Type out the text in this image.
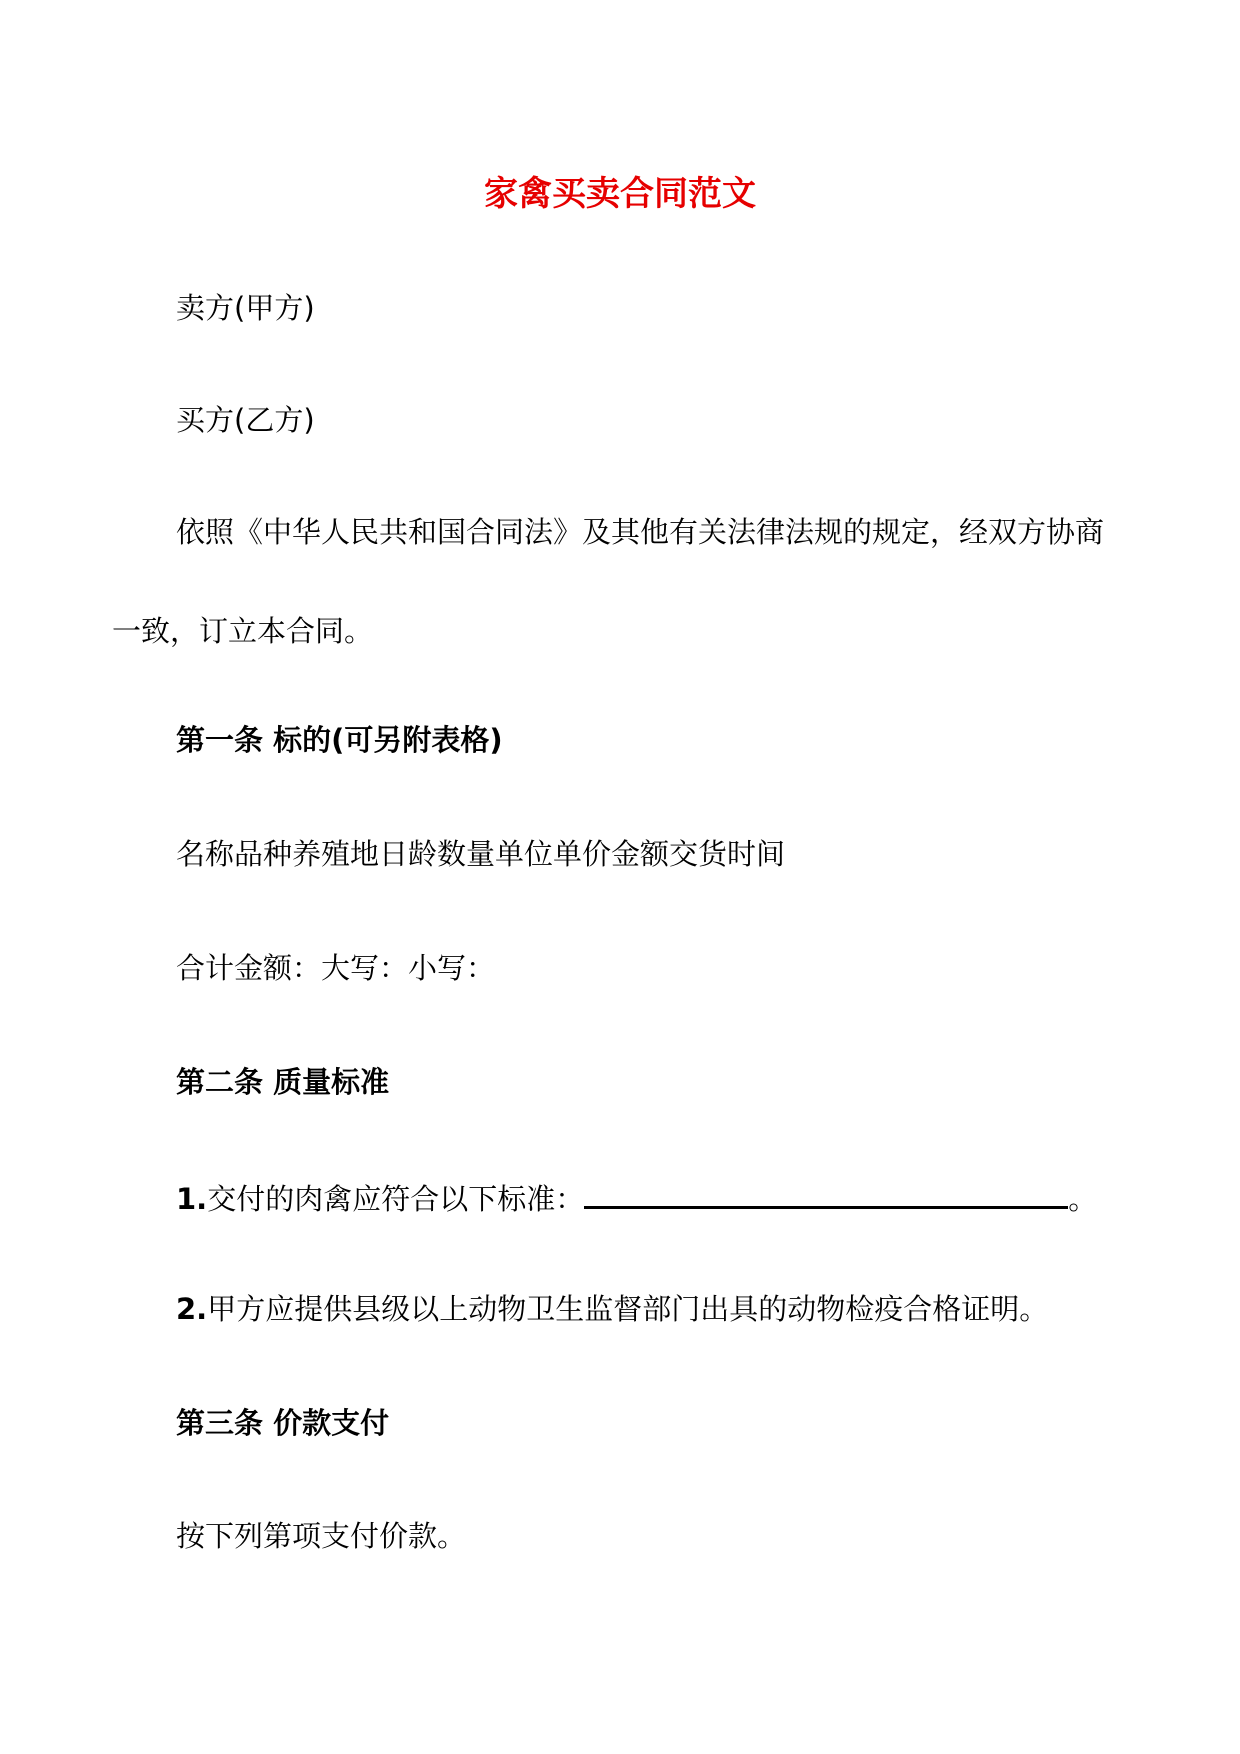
家禽买卖合同范文
卖方(甲方)
买方(乙方)
依照《中华人民共和国合同法》及其他有关法律法规的规定，经双方协商
一致，订立本合同。
第一条 标的(可另附表格)
名称品种养殖地日龄数量单位单价金额交货时间
合计金额：大写：小写：
第二条 质量标准
1.交付的肉禽应符合以下标准：	。
2.甲方应提供县级以上动物卫生监督部门出具的动物检疫合格证明。
第三条 价款支付
按下列第项支付价款。
